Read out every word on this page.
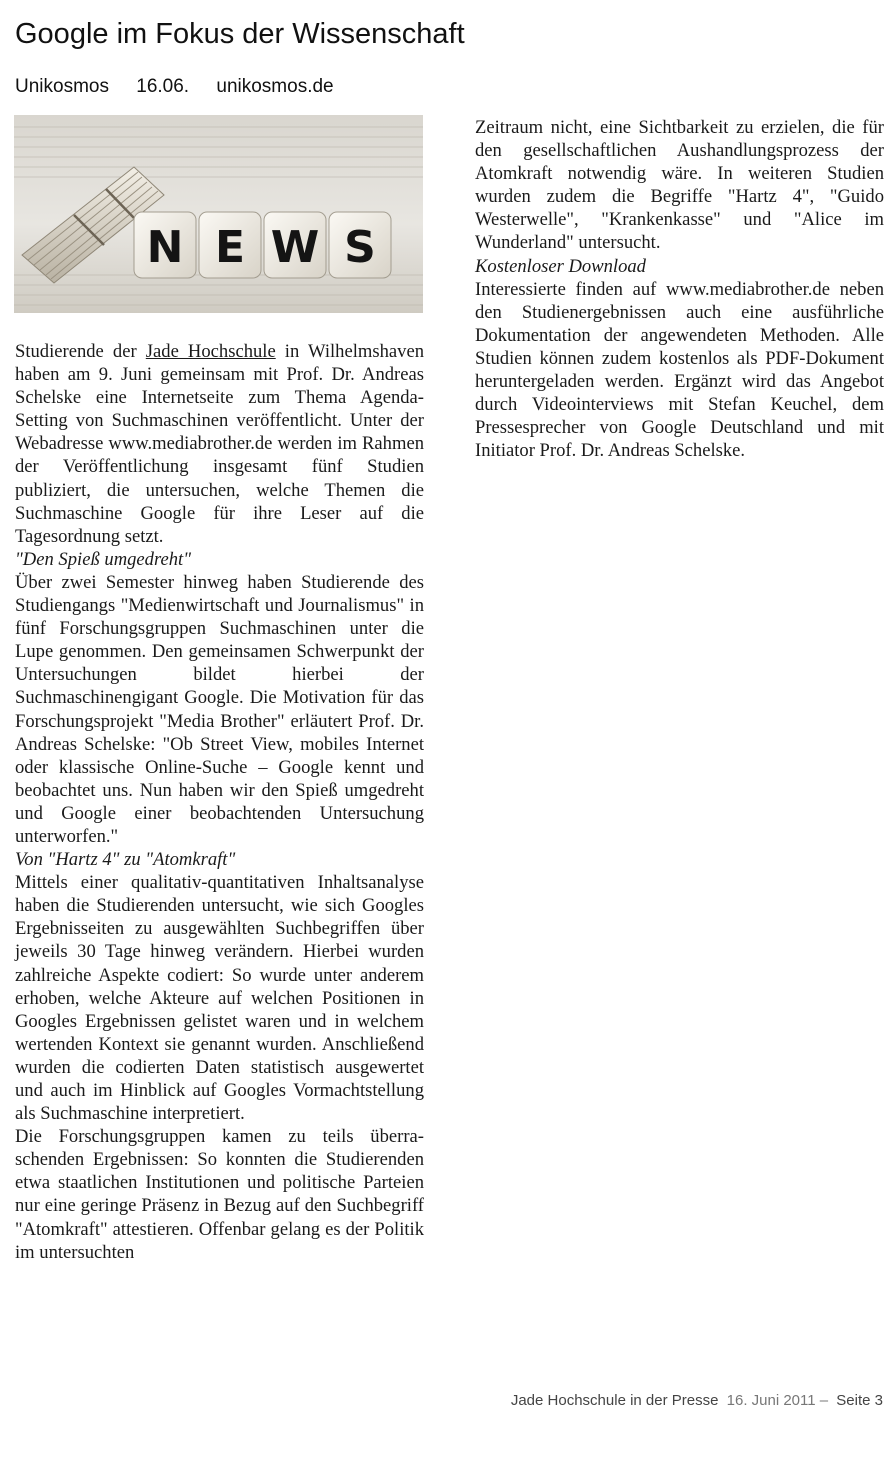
Google im Fokus der Wissenschaft
Unikosmos 16.06. unikosmos.de
N E W S

Studierende der Jade Hochschule in Wilhelmshaven haben am 9. Juni gemeinsam mit Prof. Dr. Andreas Schelske eine Internetseite zum Thema Agenda-Setting von Suchmaschinen veröffentlicht. Unter der Webadresse www.mediabrother.de werden im Rahmen der Veröffentlichung insgesamt fünf Studien publiziert, die untersuchen, welche Themen die Suchmaschine Google für ihre Leser auf die Tagesordnung setzt.

"Den Spieß umgedreht"

Über zwei Semester hinweg haben Studierende des Studiengangs "Medienwirtschaft und Journalismus" in fünf Forschungsgruppen Suchmaschinen unter die Lupe genommen. Den gemeinsamen Schwerpunkt der Untersuchungen bildet hierbei der Suchmaschinengigant Google. Die Motivation für das Forschungsprojekt "Media Brother" erläutert Prof. Dr. Andreas Schelske: "Ob Street View, mobiles Internet oder klassische Online-Suche – Google kennt und beobachtet uns. Nun haben wir den Spieß umgedreht und Google einer beobachtenden Untersuchung unterworfen."

Von "Hartz 4" zu "Atomkraft"

Mittels einer qualitativ-quantitativen Inhaltsanalyse haben die Studierenden untersucht, wie sich Googles Ergebnisseiten zu ausgewählten Suchbegriffen über jeweils 30 Tage hinweg verändern. Hierbei wurden zahlreiche Aspekte codiert: So wurde unter anderem erhoben, welche Akteure auf welchen Positionen in Googles Ergebnissen gelistet waren und in welchem wertenden Kontext sie genannt wurden. Anschließend wurden die codierten Daten statistisch ausgewertet und auch im Hinblick auf Googles Vormachtstellung als Suchmaschine interpretiert.

Die Forschungsgruppen kamen zu teils überraschenden Ergebnissen: So konnten die Studierenden etwa staatlichen Institutionen und politische Parteien nur eine geringe Präsenz in Bezug auf den Suchbegriff "Atomkraft" attestieren. Offenbar gelang es der Politik im untersuchten

Zeitraum nicht, eine Sichtbarkeit zu erzielen, die für den gesellschaftlichen Aushandlungsprozess der Atomkraft notwendig wäre. In weiteren Studien wurden zudem die Begriffe "Hartz 4", "Guido Westerwelle", "Krankenkasse" und "Alice im Wunderland" untersucht.

Kostenloser Download

Interessierte finden auf www.mediabrother.de neben den Studienergebnissen auch eine ausführliche Dokumentation der angewendeten Methoden. Alle Studien können zudem kostenlos als PDF-Dokument heruntergeladen werden. Ergänzt wird das Angebot durch Videointerviews mit Stefan Keuchel, dem Pressesprecher von Google Deutschland und mit Initiator Prof. Dr. Andreas Schelske.

Jade Hochschule in der Presse 16. Juni 2011 – Seite 3
